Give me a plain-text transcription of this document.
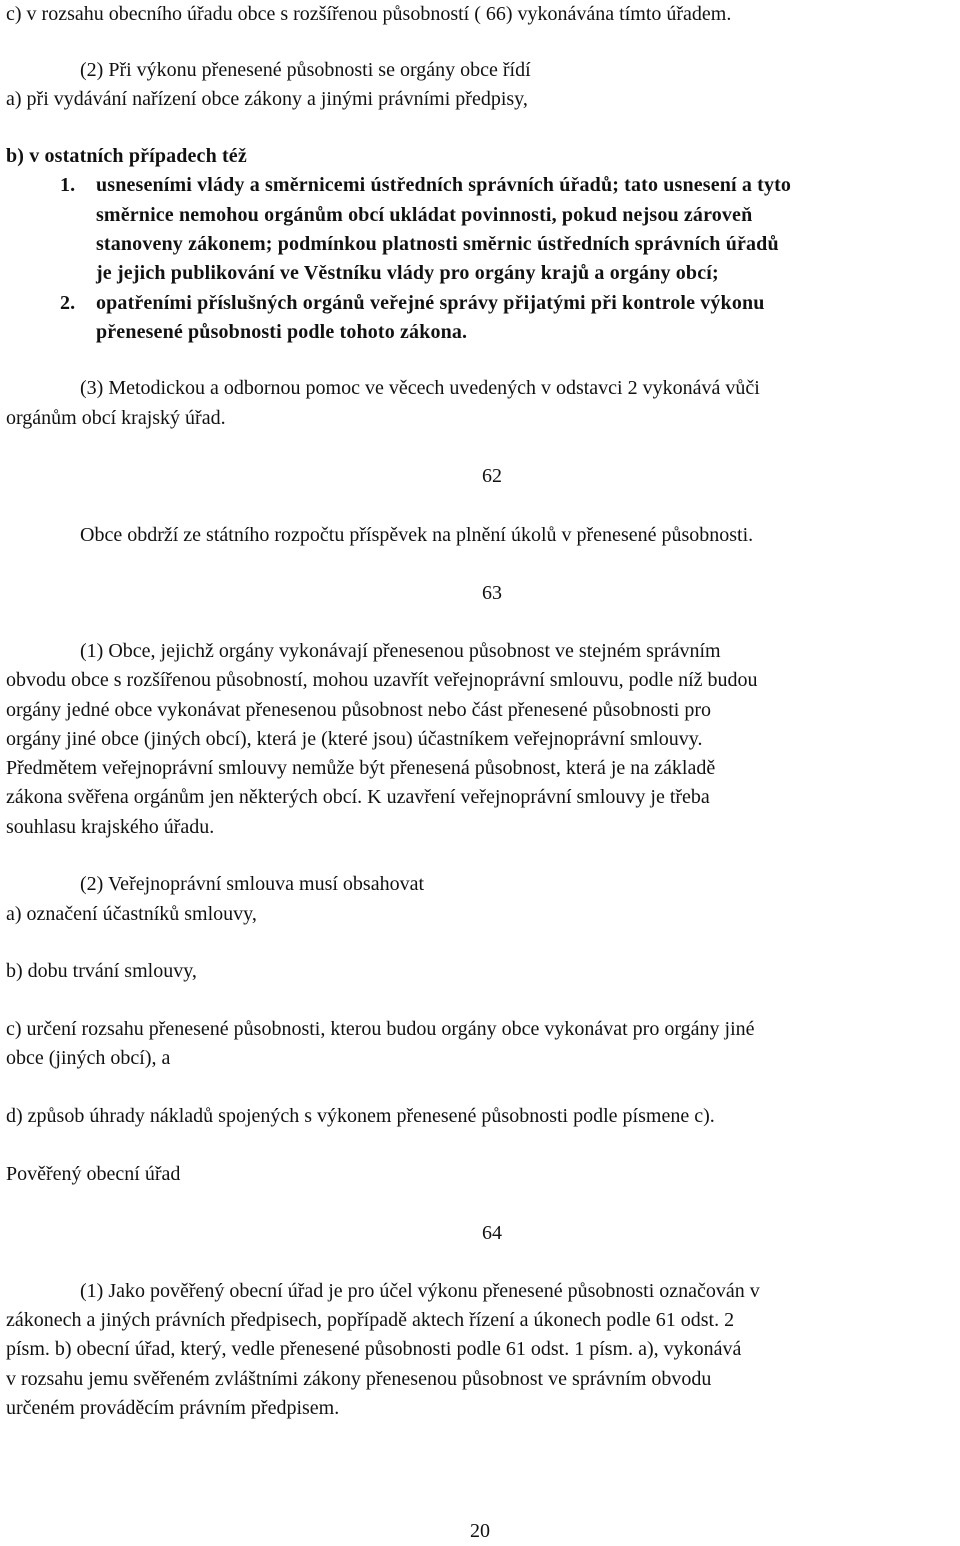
c) v rozsahu obecního úřadu obce s rozšířenou působností ( 66) vykonávána tímto úřadem.
(2) Při výkonu přenesené působnosti se orgány obce řídí
a) při vydávání nařízení obce zákony a jinými právními předpisy,
b) v ostatních případech též
1. usneseními vlády a směrnicemi ústředních správních úřadů; tato usnesení a tyto
směrnice nemohou orgánům obcí ukládat povinnosti, pokud nejsou zároveň
stanoveny zákonem; podmínkou platnosti směrnic ústředních správních úřadů
je jejich publikování ve Věstníku vlády pro orgány krajů a orgány obcí;
2. opatřeními příslušných orgánů veřejné správy přijatými při kontrole výkonu
přenesené působnosti podle tohoto zákona.
(3) Metodickou a odbornou pomoc ve věcech uvedených v odstavci 2 vykonává vůči
orgánům obcí krajský úřad.
62
Obce obdrží ze státního rozpočtu příspěvek na plnění úkolů v přenesené působnosti.
63
(1) Obce, jejichž orgány vykonávají přenesenou působnost ve stejném správním
obvodu obce s rozšířenou působností, mohou uzavřít veřejnoprávní smlouvu, podle níž budou
orgány jedné obce vykonávat přenesenou působnost nebo část přenesené působnosti pro
orgány jiné obce (jiných obcí), která je (které jsou) účastníkem veřejnoprávní smlouvy.
Předmětem veřejnoprávní smlouvy nemůže být přenesená působnost, která je na základě
zákona svěřena orgánům jen některých obcí. K uzavření veřejnoprávní smlouvy je třeba
souhlasu krajského úřadu.
(2) Veřejnoprávní smlouva musí obsahovat
a) označení účastníků smlouvy,
b) dobu trvání smlouvy,
c) určení rozsahu přenesené působnosti, kterou budou orgány obce vykonávat pro orgány jiné
obce (jiných obcí), a
d) způsob úhrady nákladů spojených s výkonem přenesené působnosti podle písmene c).
Pověřený obecní úřad
64
(1) Jako pověřený obecní úřad je pro účel výkonu přenesené působnosti označován v
zákonech a jiných právních předpisech, popřípadě aktech řízení a úkonech podle 61 odst. 2
písm. b) obecní úřad, který, vedle přenesené působnosti podle 61 odst. 1 písm. a), vykonává
v rozsahu jemu svěřeném zvláštními zákony přenesenou působnost ve správním obvodu
určeném prováděcím právním předpisem.
20
